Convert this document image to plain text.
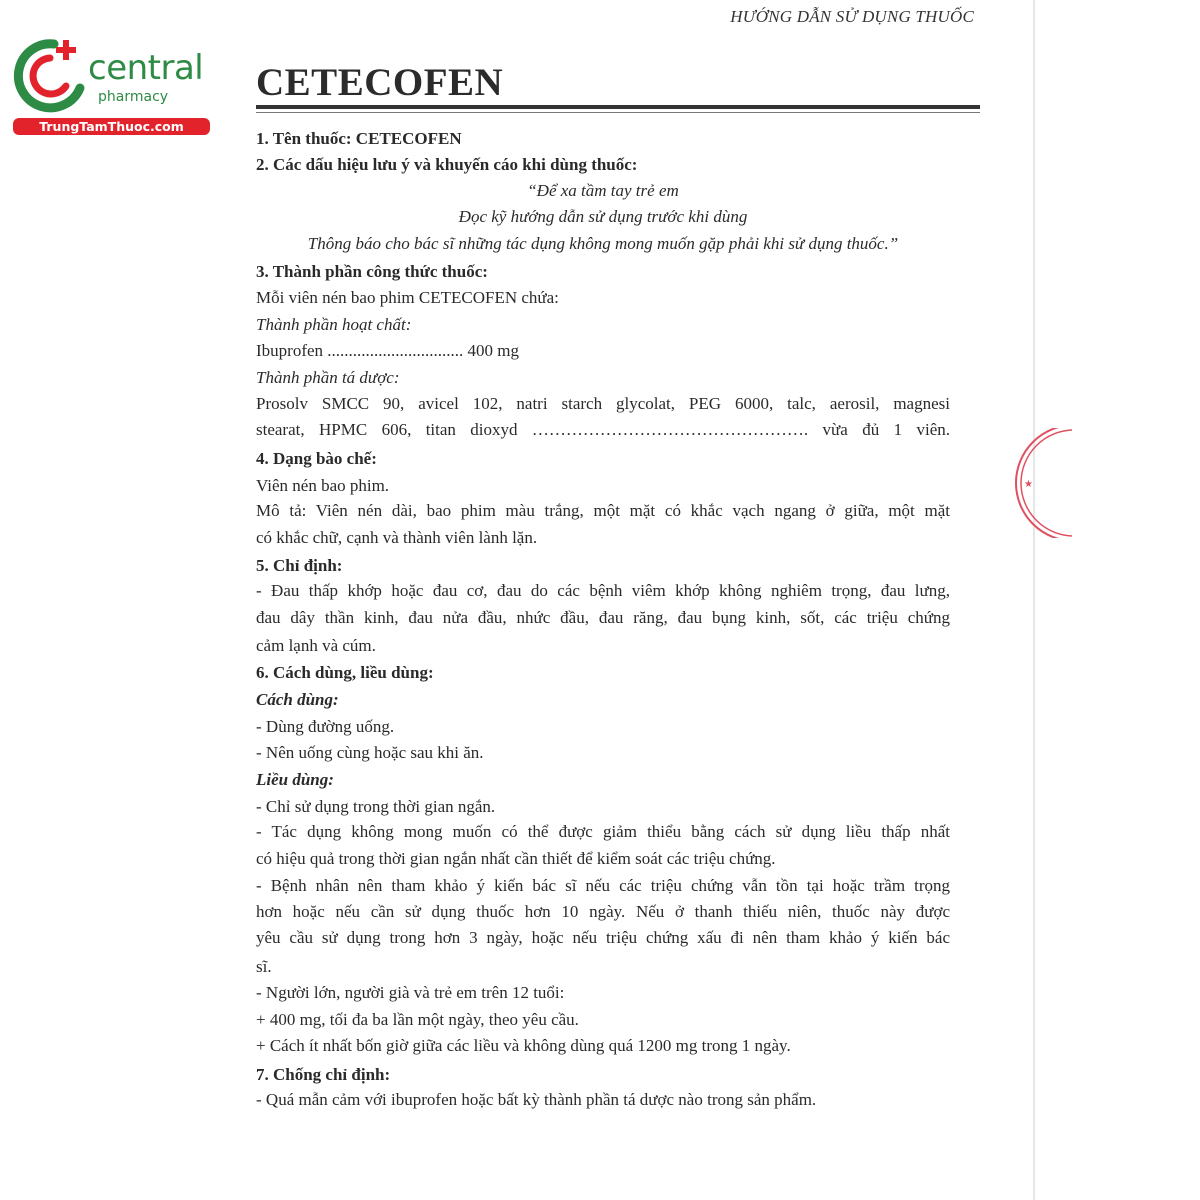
central
pharmacy
TrungTamThuoc.com
★
HƯỚNG DẪN SỬ DỤNG THUỐC
CETECOFEN
1. Tên thuốc: CETECOFEN
2. Các dấu hiệu lưu ý và khuyến cáo khi dùng thuốc:
“Để xa tầm tay trẻ em
Đọc kỹ hướng dẫn sử dụng trước khi dùng
Thông báo cho bác sĩ những tác dụng không mong muốn gặp phải khi sử dụng thuốc.”
3. Thành phần công thức thuốc:
Mỗi viên nén bao phim CETECOFEN chứa:
Thành phần hoạt chất:
Ibuprofen ................................ 400 mg
Thành phần tá dược:
Prosolv SMCC 90, avicel 102, natri starch glycolat, PEG 6000, talc, aerosil, magnesi
stearat, HPMC 606, titan dioxyd …………………………………………. vừa đủ 1 viên.
4. Dạng bào chế:
Viên nén bao phim.
Mô tả: Viên nén dài, bao phim màu trắng, một mặt có khắc vạch ngang ở giữa, một mặt
có khắc chữ, cạnh và thành viên lành lặn.
5. Chỉ định:
- Đau thấp khớp hoặc đau cơ, đau do các bệnh viêm khớp không nghiêm trọng, đau lưng,
đau dây thần kinh, đau nửa đầu, nhức đầu, đau răng, đau bụng kinh, sốt, các triệu chứng
cảm lạnh và cúm.
6. Cách dùng, liều dùng:
Cách dùng:
- Dùng đường uống.
- Nên uống cùng hoặc sau khi ăn.
Liều dùng:
- Chỉ sử dụng trong thời gian ngắn.
- Tác dụng không mong muốn có thể được giảm thiểu bằng cách sử dụng liều thấp nhất
có hiệu quả trong thời gian ngắn nhất cần thiết để kiểm soát các triệu chứng.
- Bệnh nhân nên tham khảo ý kiến bác sĩ nếu các triệu chứng vẫn tồn tại hoặc trầm trọng
hơn hoặc nếu cần sử dụng thuốc hơn 10 ngày. Nếu ở thanh thiếu niên, thuốc này được
yêu cầu sử dụng trong hơn 3 ngày, hoặc nếu triệu chứng xấu đi nên tham khảo ý kiến bác
sĩ.
- Người lớn, người già và trẻ em trên 12 tuổi:
+ 400 mg, tối đa ba lần một ngày, theo yêu cầu.
+ Cách ít nhất bốn giờ giữa các liều và không dùng quá 1200 mg trong 1 ngày.
7. Chống chỉ định:
- Quá mẫn cảm với ibuprofen hoặc bất kỳ thành phần tá dược nào trong sản phẩm.
